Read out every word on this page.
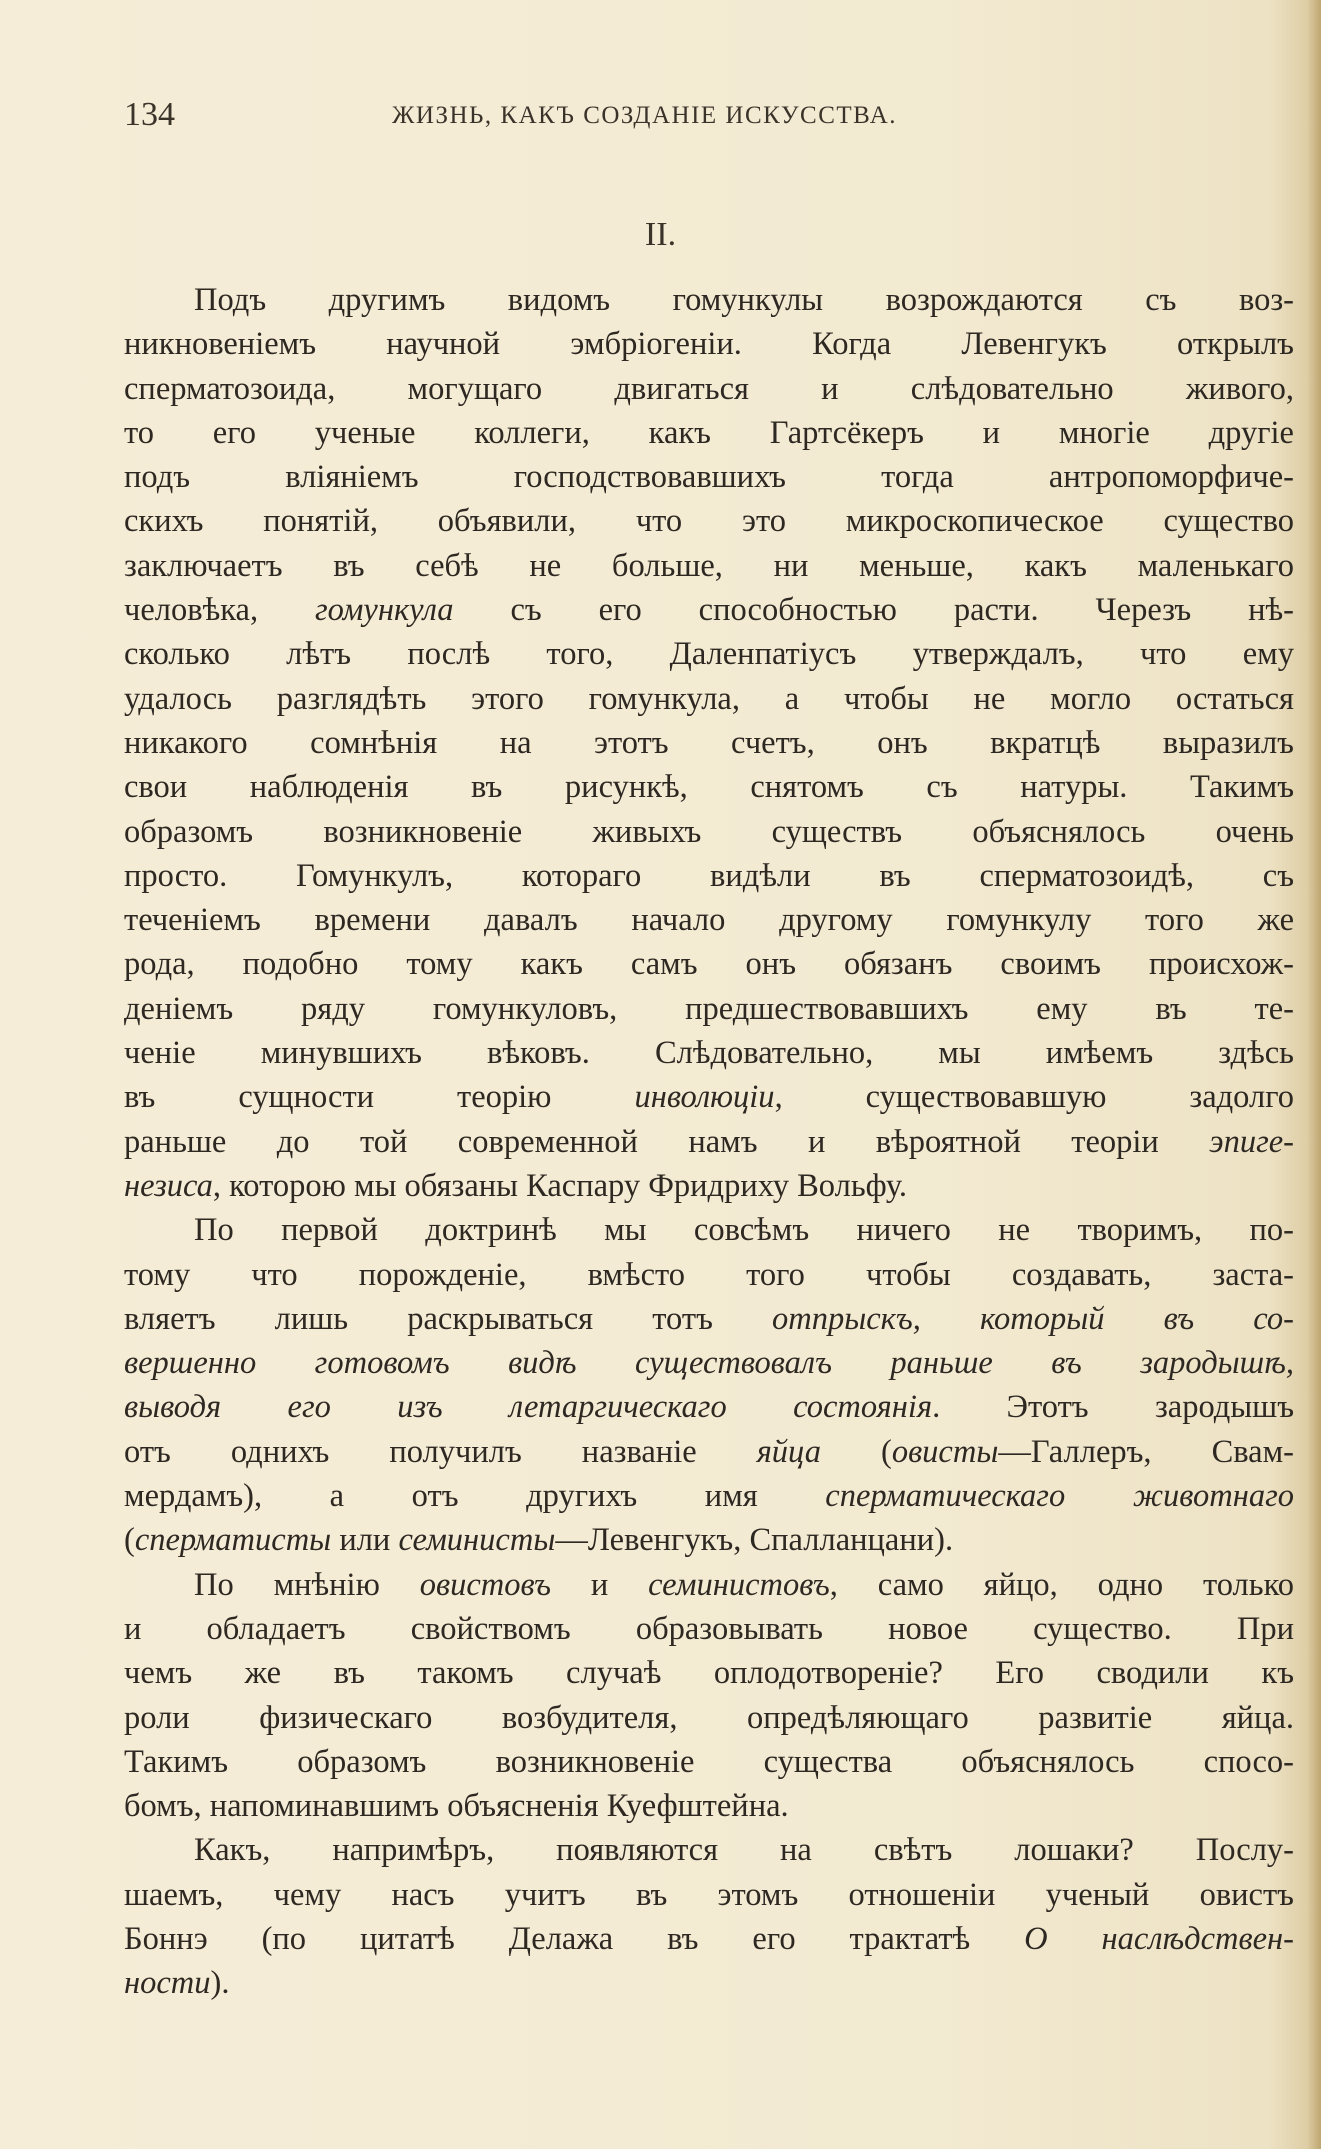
134	ЖИЗНЬ, КАКЪ СОЗДАНІЕ ИСКУССТВА.
II.

Подъ другимъ видомъ гомункулы возрождаются съ воз-
никновеніемъ научной эмбріогеніи. Когда Левенгукъ открылъ
сперматозоида, могущаго двигаться и слѣдовательно живого,
то его ученые коллеги, какъ Гартсёкеръ и многіе другіе
подъ вліяніемъ господствовавшихъ тогда антропоморфиче-
скихъ понятій, объявили, что это микроскопическое существо
заключаетъ въ себѣ не больше, ни меньше, какъ маленькаго
человѣка, гомункула съ его способностью расти. Черезъ нѣ-
сколько лѣтъ послѣ того, Даленпатіусъ утверждалъ, что ему
удалось разглядѣть этого гомункула, а чтобы не могло остаться
никакого сомнѣнія на этотъ счетъ, онъ вкратцѣ выразилъ
свои наблюденія въ рисункѣ, снятомъ съ натуры. Такимъ
образомъ возникновеніе живыхъ существъ объяснялось очень
просто. Гомункулъ, котораго видѣли въ сперматозоидѣ, съ
теченіемъ времени давалъ начало другому гомункулу того же
рода, подобно тому какъ самъ онъ обязанъ своимъ происхож-
деніемъ ряду гомункуловъ, предшествовавшихъ ему въ те-
ченіе минувшихъ вѣковъ. Слѣдовательно, мы имѣемъ здѣсь
въ сущности теорію инволюціи, существовавшую задолго
раньше до той современной намъ и вѣроятной теоріи эпиге-
незиса, которою мы обязаны Каспару Фридриху Вольфу.

По первой доктринѣ мы совсѣмъ ничего не творимъ, по-
тому что порожденіе, вмѣсто того чтобы создавать, заста-
вляетъ лишь раскрываться тотъ отпрыскъ, который въ со-
вершенно готовомъ видѣ существовалъ раньше въ зародышѣ,
выводя его изъ летаргическаго состоянія. Этотъ зародышъ
отъ однихъ получилъ названіе яйца (овисты—Галлеръ, Свам-
мердамъ), а отъ другихъ имя сперматическаго животнаго
(сперматисты или семинисты—Левенгукъ, Спалланцани).

По мнѣнію овистовъ и семинистовъ, само яйцо, одно только
и обладаетъ свойствомъ образовывать новое существо. При
чемъ же въ такомъ случаѣ оплодотвореніе? Его сводили къ
роли физическаго возбудителя, опредѣляющаго развитіе яйца.
Такимъ образомъ возникновеніе существа объяснялось спосо-
бомъ, напоминавшимъ объясненія Куефштейна.

Какъ, напримѣръ, появляются на свѣтъ лошаки? Послу-
шаемъ, чему насъ учитъ въ этомъ отношеніи ученый овистъ
Боннэ (по цитатѣ Делажа въ его трактатѣ О наслѣдствен-
ности).
